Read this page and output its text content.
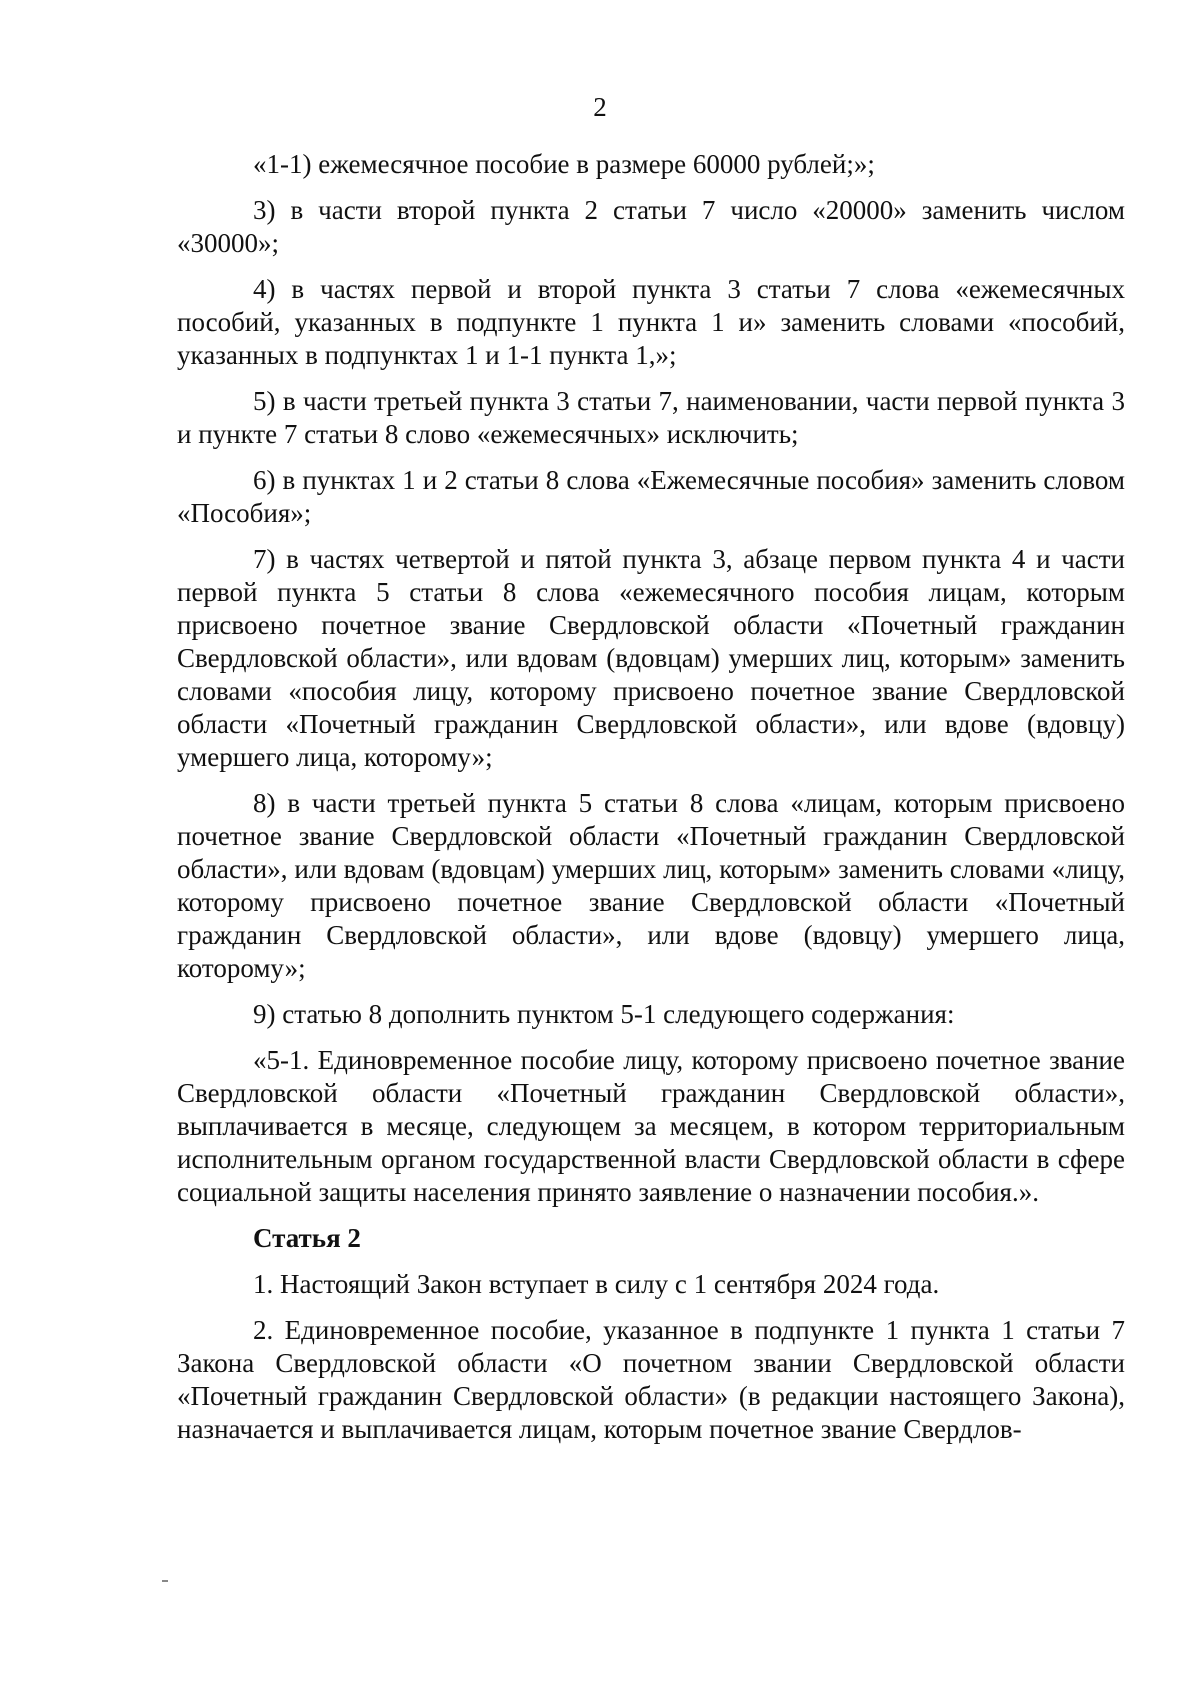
2

«1-1) ежемесячное пособие в размере 60000 рублей;»;

3) в части второй пункта 2 статьи 7 число «20000» заменить числом «30000»;

4) в частях первой и второй пункта 3 статьи 7 слова «ежемесячных пособий, указанных в подпункте 1 пункта 1 и» заменить словами «пособий, указанных в подпунктах 1 и 1-1 пункта 1,»;

5) в части третьей пункта 3 статьи 7, наименовании, части первой пункта 3 и пункте 7 статьи 8 слово «ежемесячных» исключить;

6) в пунктах 1 и 2 статьи 8 слова «Ежемесячные пособия» заменить словом «Пособия»;

7) в частях четвертой и пятой пункта 3, абзаце первом пункта 4 и части первой пункта 5 статьи 8 слова «ежемесячного пособия лицам, которым присвоено почетное звание Свердловской области «Почетный гражданин Свердловской области», или вдовам (вдовцам) умерших лиц, которым» заменить словами «пособия лицу, которому присвоено почетное звание Свердловской области «Почетный гражданин Свердловской области», или вдове (вдовцу) умершего лица, которому»;

8) в части третьей пункта 5 статьи 8 слова «лицам, которым присвоено почетное звание Свердловской области «Почетный гражданин Свердловской области», или вдовам (вдовцам) умерших лиц, которым» заменить словами «лицу, которому присвоено почетное звание Свердловской области «Почетный гражданин Свердловской области», или вдове (вдовцу) умершего лица, которому»;

9) статью 8 дополнить пунктом 5-1 следующего содержания:

«5-1. Единовременное пособие лицу, которому присвоено почетное звание Свердловской области «Почетный гражданин Свердловской области», выплачивается в месяце, следующем за месяцем, в котором территориальным исполнительным органом государственной власти Свердловской области в сфере социальной защиты населения принято заявление о назначении пособия.».

Статья 2

1. Настоящий Закон вступает в силу с 1 сентября 2024 года.

2. Единовременное пособие, указанное в подпункте 1 пункта 1 статьи 7 Закона Свердловской области «О почетном звании Свердловской области «Почетный гражданин Свердловской области» (в редакции настоящего Закона), назначается и выплачивается лицам, которым почетное звание Свердлов-
